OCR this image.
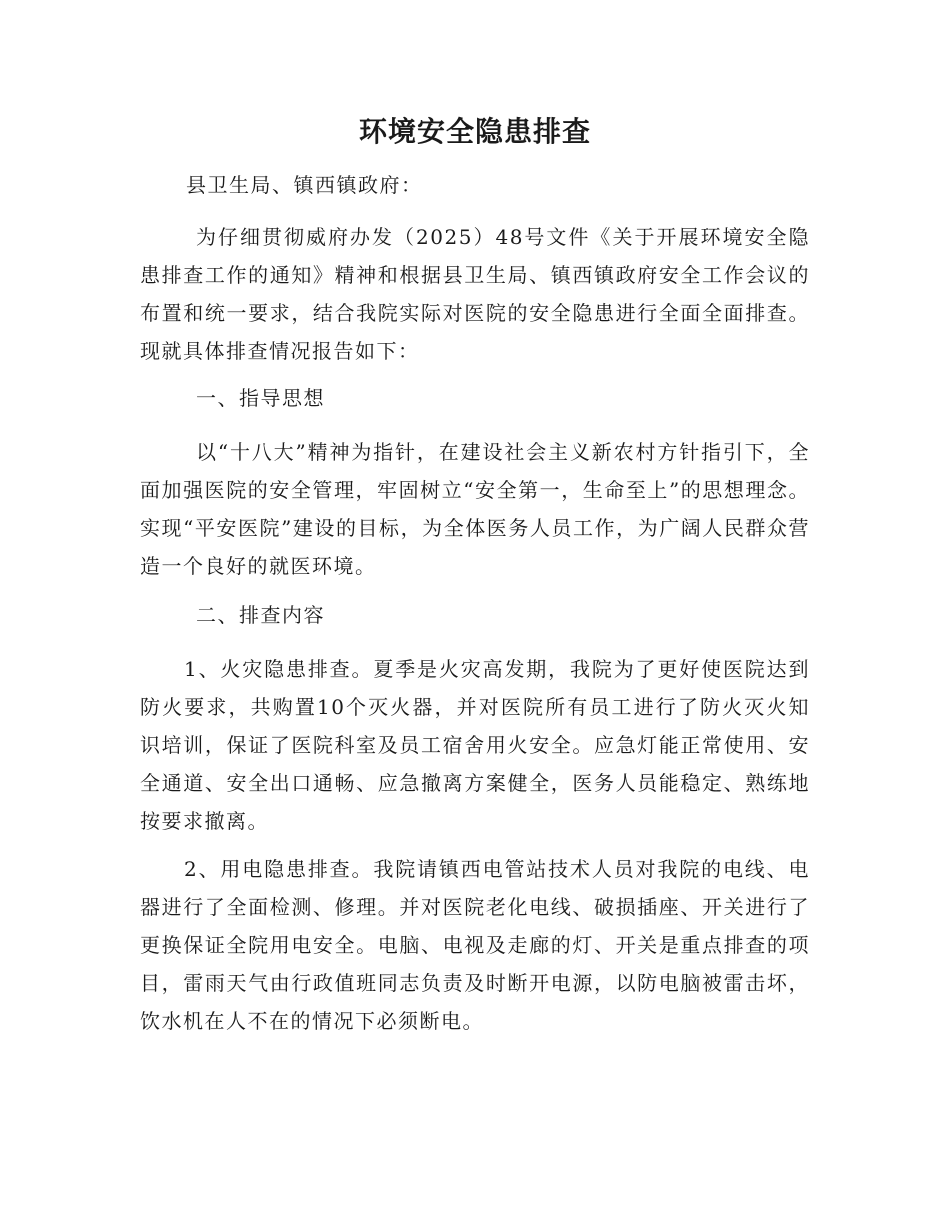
环境安全隐患排查

县卫生局、镇西镇政府：

为仔细贯彻威府办发（2025）48号文件《关于开展环境安全隐患排查工作的通知》精神和根据县卫生局、镇西镇政府安全工作会议的布置和统一要求，结合我院实际对医院的安全隐患进行全面全面排查。现就具体排查情况报告如下：

一、指导思想

以“十八大”精神为指针，在建设社会主义新农村方针指引下，全面加强医院的安全管理，牢固树立“安全第一，生命至上”的思想理念。实现“平安医院”建设的目标，为全体医务人员工作，为广阔人民群众营造一个良好的就医环境。

二、排查内容

1、火灾隐患排查。夏季是火灾高发期，我院为了更好使医院达到防火要求，共购置10个灭火器，并对医院所有员工进行了防火灭火知识培训，保证了医院科室及员工宿舍用火安全。应急灯能正常使用、安全通道、安全出口通畅、应急撤离方案健全，医务人员能稳定、熟练地按要求撤离。

2、用电隐患排查。我院请镇西电管站技术人员对我院的电线、电器进行了全面检测、修理。并对医院老化电线、破损插座、开关进行了更换保证全院用电安全。电脑、电视及走廊的灯、开关是重点排查的项目，雷雨天气由行政值班同志负责及时断开电源，以防电脑被雷击坏，饮水机在人不在的情况下必须断电。
